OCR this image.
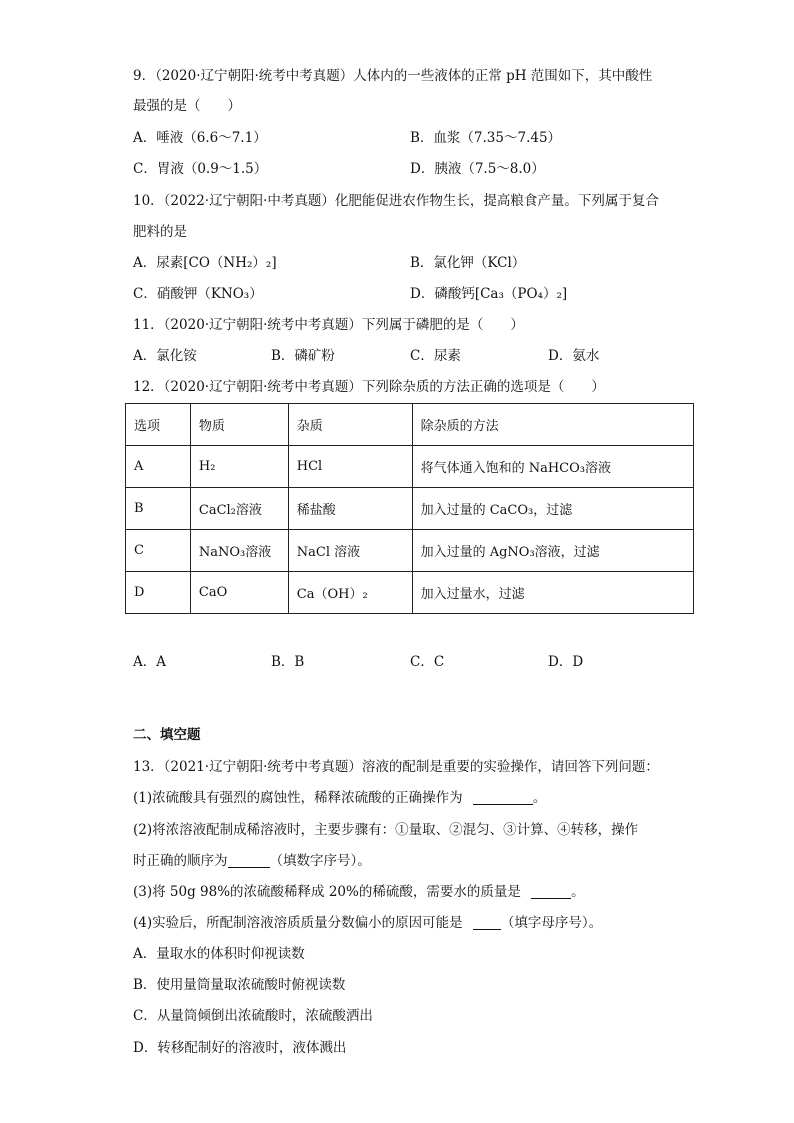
9．（2020·辽宁朝阳·统考中考真题）人体内的一些液体的正常 pH 范围如下，其中酸性
最强的是（　　）
A．唾液（6.6～7.1）	B．血浆（7.35～7.45）
C．胃液（0.9～1.5）	D．胰液（7.5～8.0）
10．（2022·辽宁朝阳·中考真题）化肥能促进农作物生长，提高粮食产量。下列属于复合
肥料的是
A．尿素[CO（NH₂）₂]	B．氯化钾（KCl）
C．硝酸钾（KNO₃）	D．磷酸钙[Ca₃（PO₄）₂]
11．（2020·辽宁朝阳·统考中考真题）下列属于磷肥的是（　　）
A．氯化铵	B．磷矿粉	C．尿素	D．氨水
12．（2020·辽宁朝阳·统考中考真题）下列除杂质的方法正确的选项是（　　）
选项	物质	杂质	除杂质的方法
A	H₂	HCl	将气体通入饱和的 NaHCO₃溶液
B	CaCl₂溶液	稀盐酸	加入过量的 CaCO₃，过滤
C	NaNO₃溶液	NaCl 溶液	加入过量的 AgNO₃溶液，过滤
D	CaO	Ca（OH）₂	加入过量水，过滤
A．A	B．B	C．C	D．D
二、填空题
13．（2021·辽宁朝阳·统考中考真题）溶液的配制是重要的实验操作，请回答下列问题：
(1)浓硫酸具有强烈的腐蚀性，稀释浓硫酸的正确操作为	。
(2)将浓溶液配制成稀溶液时，主要步骤有：①量取、②混匀、③计算、④转移，操作
时正确的顺序为	（填数字序号）。
(3)将 50g 98%的浓硫酸稀释成 20%的稀硫酸，需要水的质量是	。
(4)实验后，所配制溶液溶质质量分数偏小的原因可能是	（填字母序号）。
A．量取水的体积时仰视读数
B．使用量筒量取浓硫酸时俯视读数
C．从量筒倾倒出浓硫酸时，浓硫酸洒出
D．转移配制好的溶液时，液体溅出
